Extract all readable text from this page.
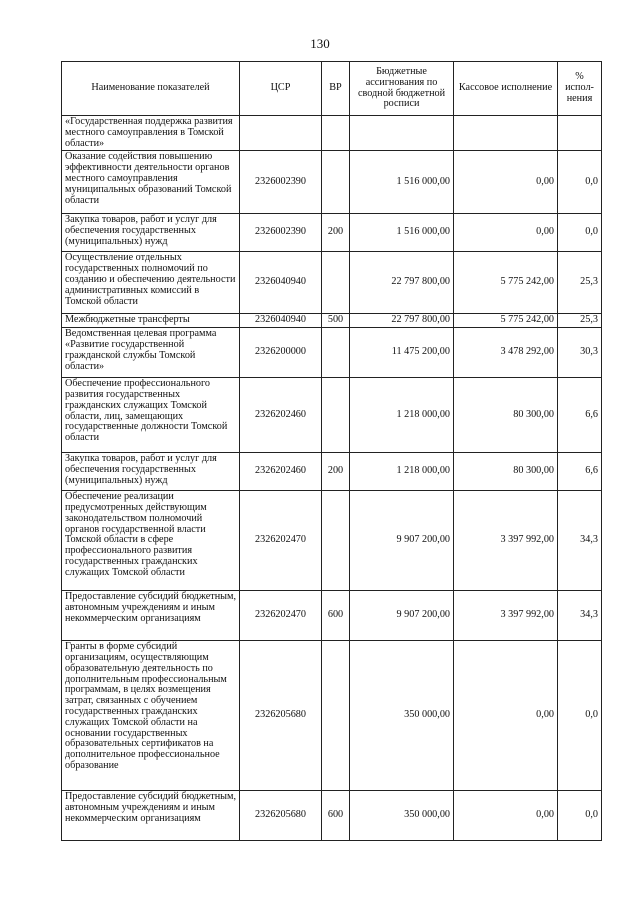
130
Наименование показателей	ЦСР	ВР	Бюджетные ассигнования по сводной бюджетной росписи	Кассовое исполнение	% испол-нения
«Государственная поддержка развития местного самоуправления в Томской области»					
Оказание содействия повышению эффективности деятельности органов местного самоуправления муниципальных образований Томской области	2326002390		1 516 000,00	0,00	0,0
Закупка товаров, работ и услуг для обеспечения государственных (муниципальных) нужд	2326002390	200	1 516 000,00	0,00	0,0
Осуществление отдельных государственных полномочий по созданию и обеспечению деятельности административных комиссий в Томской области	2326040940		22 797 800,00	5 775 242,00	25,3
Межбюджетные трансферты	2326040940	500	22 797 800,00	5 775 242,00	25,3
Ведомственная целевая программа «Развитие государственной гражданской службы Томской области»	2326200000		11 475 200,00	3 478 292,00	30,3
Обеспечение профессионального развития государственных гражданских служащих Томской области, лиц, замещающих государственные должности Томской области	2326202460		1 218 000,00	80 300,00	6,6
Закупка товаров, работ и услуг для обеспечения государственных (муниципальных) нужд	2326202460	200	1 218 000,00	80 300,00	6,6
Обеспечение реализации предусмотренных действующим законодательством полномочий органов государственной власти Томской области в сфере профессионального развития государственных гражданских служащих Томской области	2326202470		9 907 200,00	3 397 992,00	34,3
Предоставление субсидий бюджетным, автономным учреждениям и иным некоммерческим организациям	2326202470	600	9 907 200,00	3 397 992,00	34,3
Гранты в форме субсидий организациям, осуществляющим образовательную деятельность по дополнительным профессиональным программам, в целях возмещения затрат, связанных с обучением государственных гражданских служащих Томской области на основании государственных образовательных сертификатов на дополнительное профессиональное образование	2326205680		350 000,00	0,00	0,0
Предоставление субсидий бюджетным, автономным учреждениям и иным некоммерческим организациям	2326205680	600	350 000,00	0,00	0,0
